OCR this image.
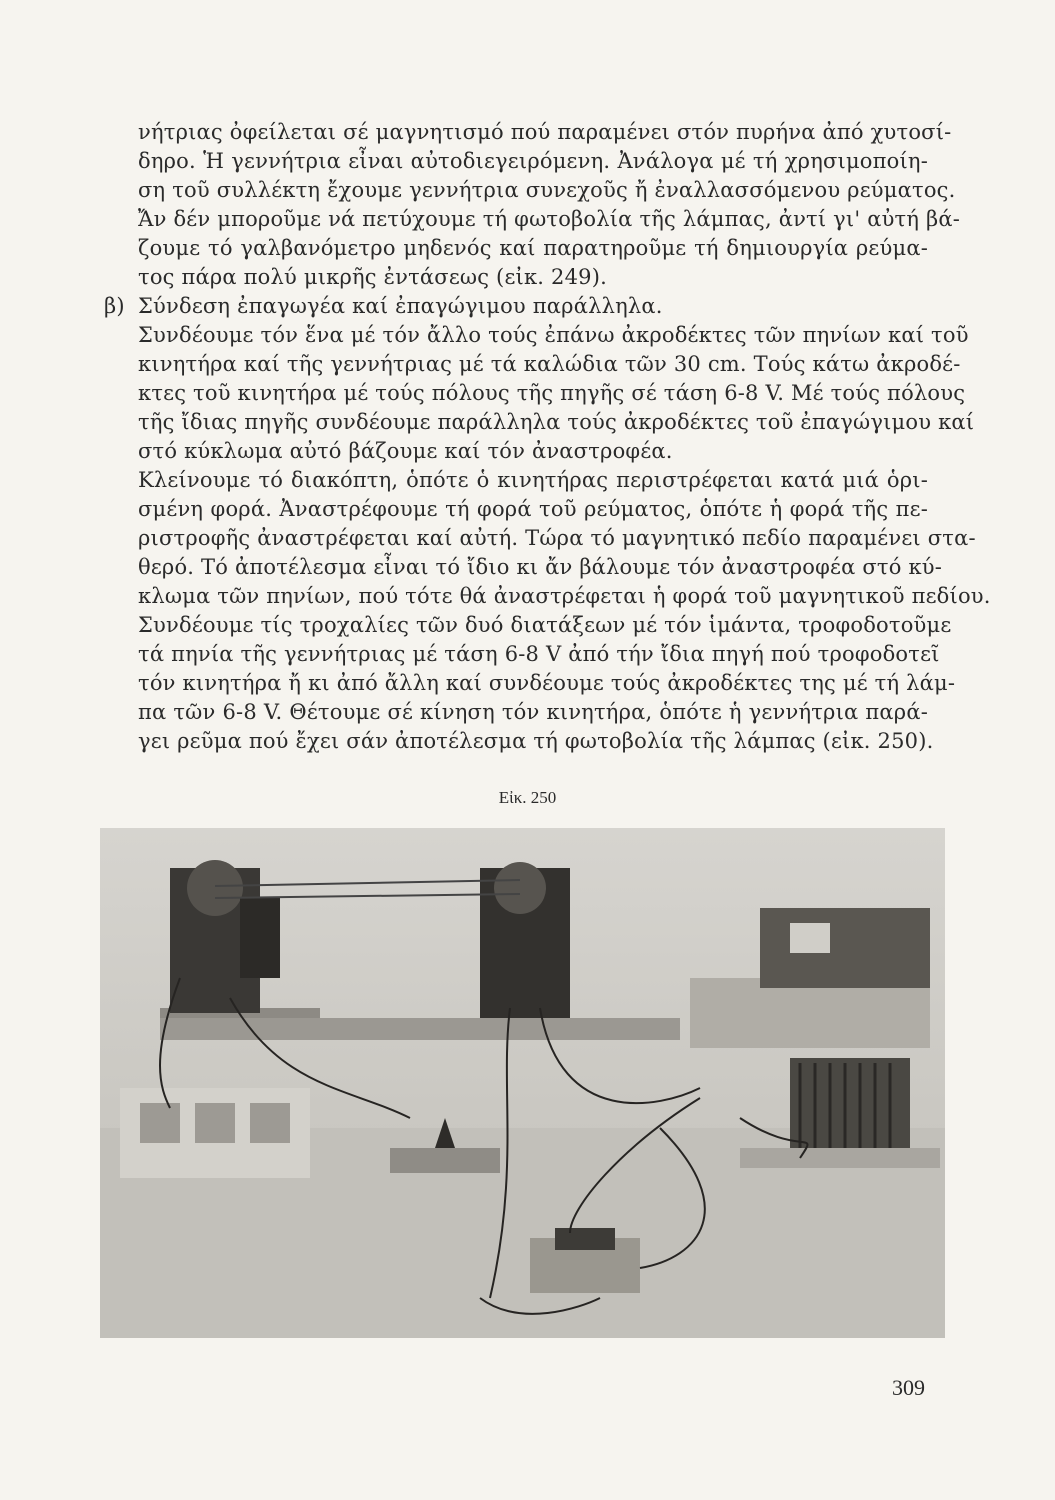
νήτριας ὀφείλεται σέ μαγνητισμό πού παραμένει στόν πυρήνα ἀπό χυτοσί-
δηρο. Ἡ γεννήτρια εἶναι αὐτοδιεγειρόμενη. Ἀνάλογα μέ τή χρησιμοποίη-
ση τοῦ συλλέκτη ἔχουμε γεννήτρια συνεχοῦς ἤ ἐναλλασσόμενου ρεύματος.
Ἄν δέν μποροῦμε νά πετύχουμε τή φωτοβολία τῆς λάμπας, ἀντί γι' αὐτή βά-
ζουμε τό γαλβανόμετρο μηδενός καί παρατηροῦμε τή δημιουργία ρεύμα-
τος πάρα πολύ μικρῆς ἐντάσεως (εἰκ. 249).
β) Σύνδεση ἐπαγωγέα καί ἐπαγώγιμου παράλληλα.
Συνδέουμε τόν ἕνα μέ τόν ἄλλο τούς ἐπάνω ἀκροδέκτες τῶν πηνίων καί τοῦ
κινητήρα καί τῆς γεννήτριας μέ τά καλώδια τῶν 30 cm. Τούς κάτω ἀκροδέ-
κτες τοῦ κινητήρα μέ τούς πόλους τῆς πηγῆς σέ τάση 6-8 V. Μέ τούς πόλους
τῆς ἴδιας πηγῆς συνδέουμε παράλληλα τούς ἀκροδέκτες τοῦ ἐπαγώγιμου καί
στό κύκλωμα αὐτό βάζουμε καί τόν ἀναστροφέα.
Κλείνουμε τό διακόπτη, ὁπότε ὁ κινητήρας περιστρέφεται κατά μιά ὁρι-
σμένη φορά. Ἀναστρέφουμε τή φορά τοῦ ρεύματος, ὁπότε ἡ φορά τῆς πε-
ριστροφῆς ἀναστρέφεται καί αὐτή. Τώρα τό μαγνητικό πεδίο παραμένει στα-
θερό. Τό ἀποτέλεσμα εἶναι τό ἴδιο κι ἄν βάλουμε τόν ἀναστροφέα στό κύ-
κλωμα τῶν πηνίων, πού τότε θά ἀναστρέφεται ἡ φορά τοῦ μαγνητικοῦ πεδίου.
Συνδέουμε τίς τροχαλίες τῶν δυό διατάξεων μέ τόν ἱμάντα, τροφοδοτοῦμε
τά πηνία τῆς γεννήτριας μέ τάση 6-8 V ἀπό τήν ἴδια πηγή πού τροφοδοτεῖ
τόν κινητήρα ἤ κι ἀπό ἄλλη καί συνδέουμε τούς ἀκροδέκτες της μέ τή λάμ-
πα τῶν 6-8 V. Θέτουμε σέ κίνηση τόν κινητήρα, ὁπότε ἡ γεννήτρια παρά-
γει ρεῦμα πού ἔχει σάν ἀποτέλεσμα τή φωτοβολία τῆς λάμπας (εἰκ. 250).
Εἰκ. 250
309
